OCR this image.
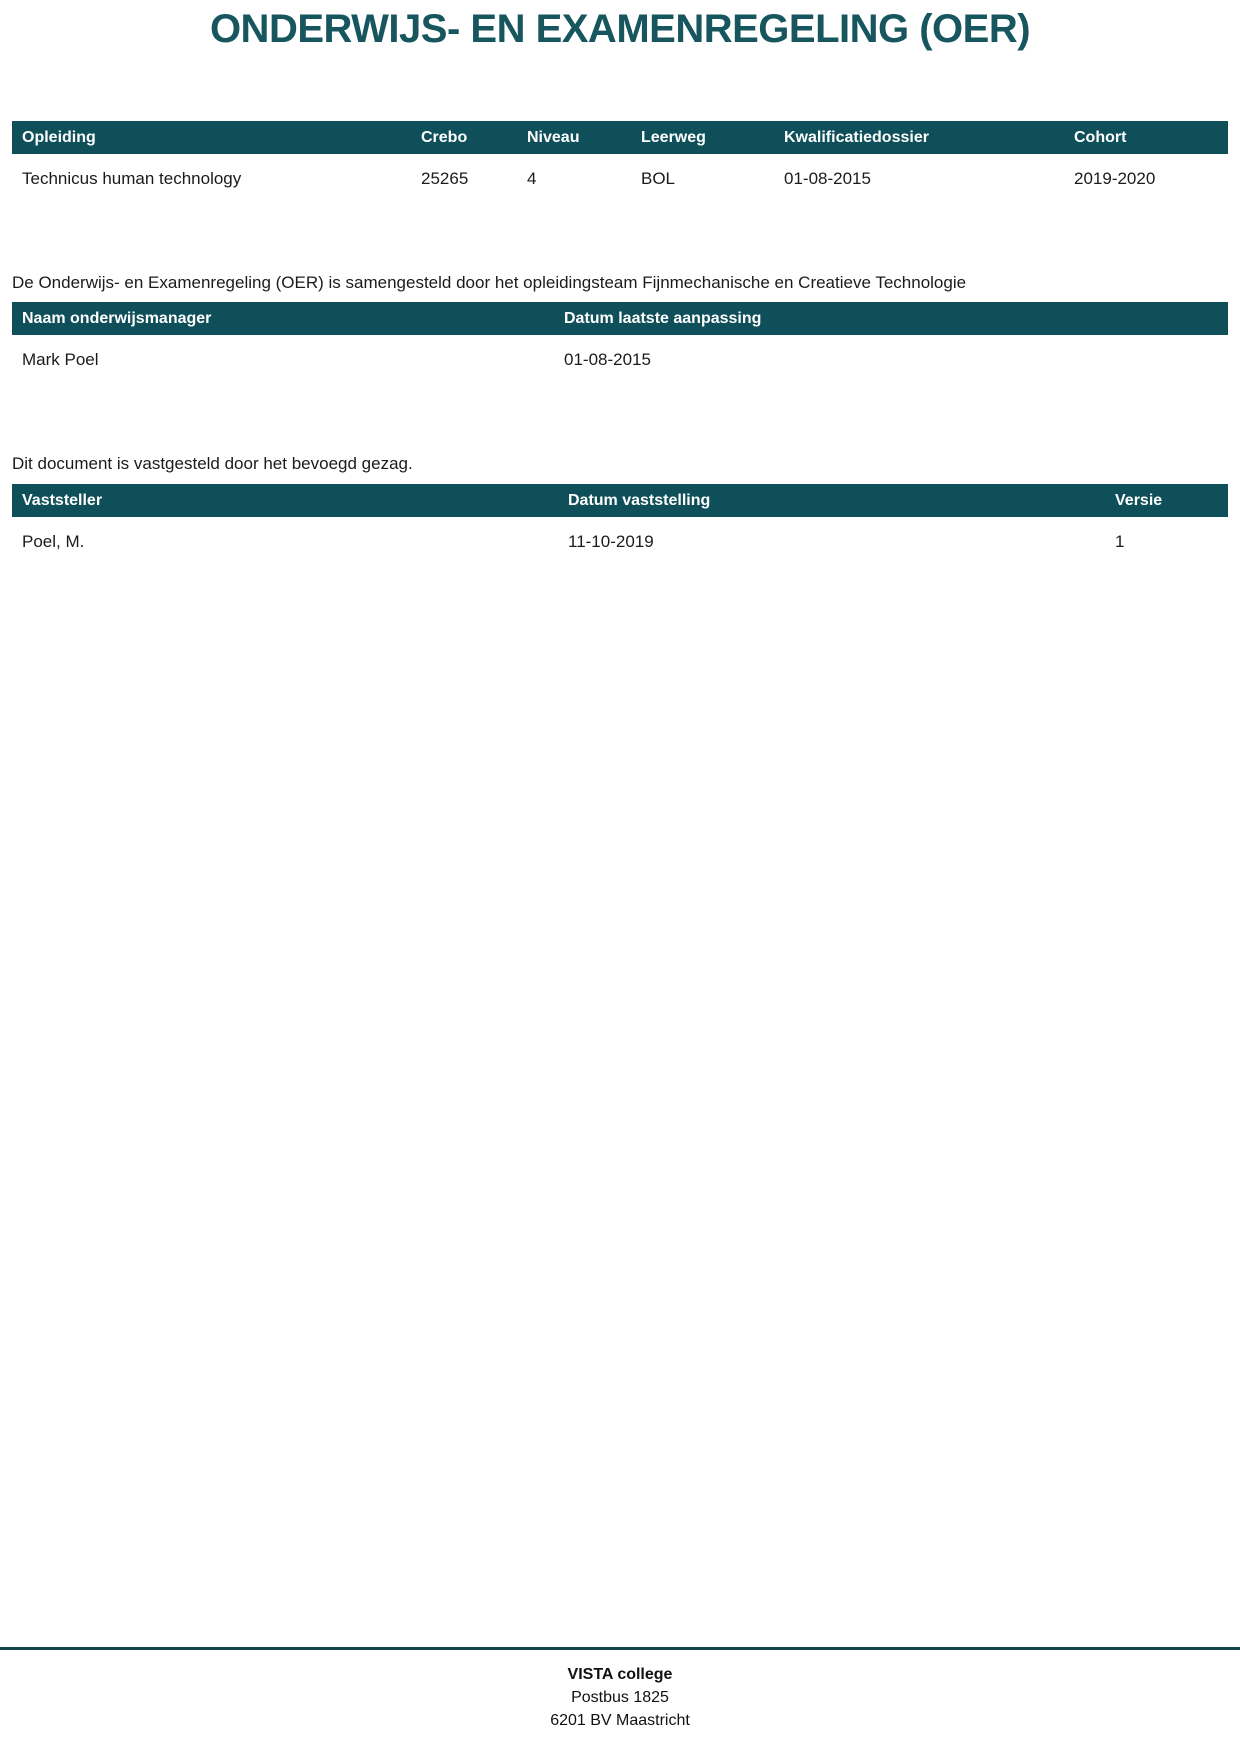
ONDERWIJS- EN EXAMENREGELING (OER)
Opleiding	Crebo	Niveau	Leerweg	Kwalificatiedossier	Cohort
Technicus human technology	25265	4	BOL	01-08-2015	2019-2020

De Onderwijs- en Examenregeling (OER) is samengesteld door het opleidingsteam Fijnmechanische en Creatieve Technologie

Naam onderwijsmanager	Datum laatste aanpassing
Mark Poel	01-08-2015

Dit document is vastgesteld door het bevoegd gezag.

Vaststeller	Datum vaststelling	Versie
Poel, M.	11-10-2019	1
VISTA college
Postbus 1825
6201 BV Maastricht
